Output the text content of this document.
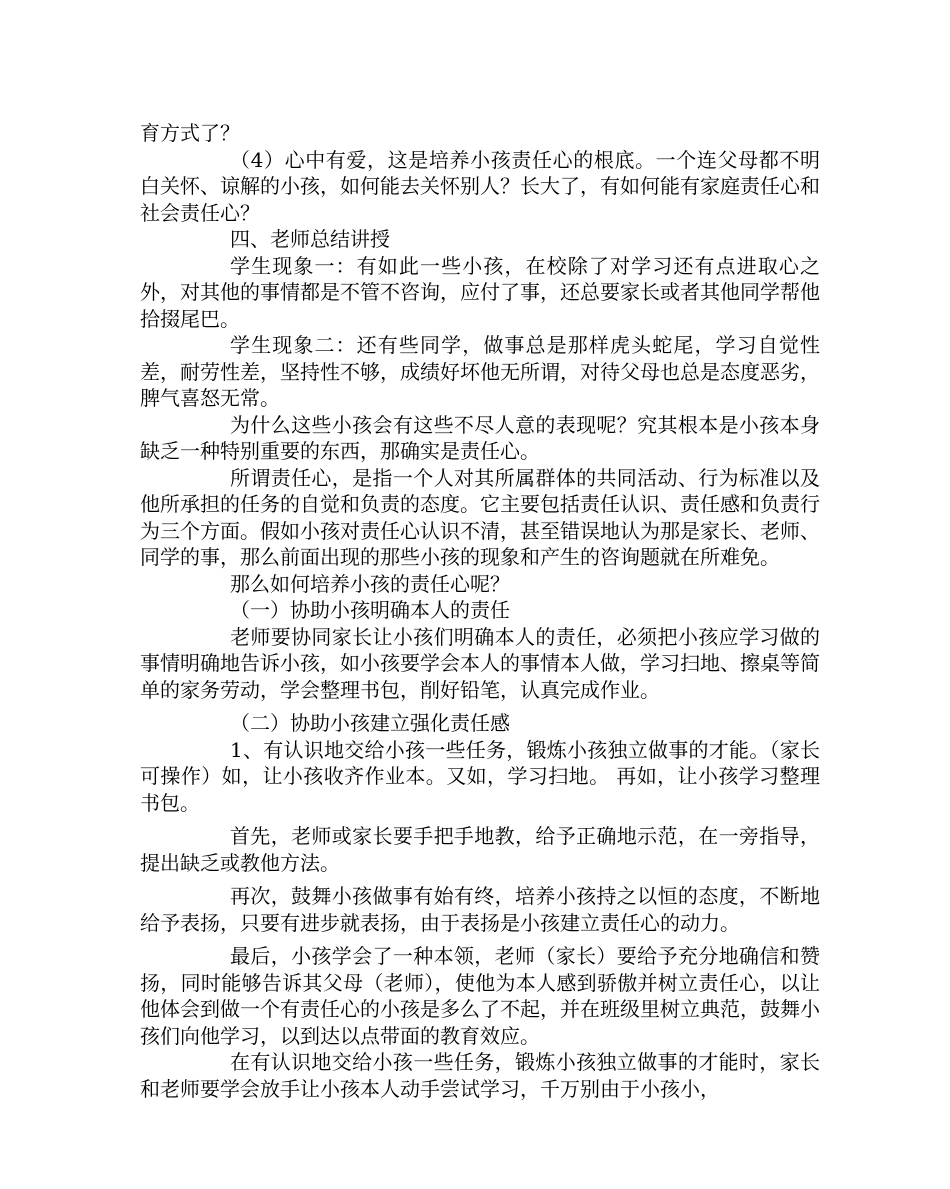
育方式了？

（4）心中有爱，这是培养小孩责任心的根底。一个连父母都不明白关怀、谅解的小孩，如何能去关怀别人？长大了，有如何能有家庭责任心和社会责任心？

四、老师总结讲授

学生现象一：有如此一些小孩，在校除了对学习还有点进取心之外，对其他的事情都是不管不咨询，应付了事，还总要家长或者其他同学帮他拾掇尾巴。

学生现象二：还有些同学，做事总是那样虎头蛇尾，学习自觉性差，耐劳性差，坚持性不够，成绩好坏他无所谓，对待父母也总是态度恶劣，脾气喜怒无常。

为什么这些小孩会有这些不尽人意的表现呢？究其根本是小孩本身缺乏一种特别重要的东西，那确实是责任心。

所谓责任心，是指一个人对其所属群体的共同活动、行为标准以及他所承担的任务的自觉和负责的态度。它主要包括责任认识、责任感和负责行为三个方面。假如小孩对责任心认识不清，甚至错误地认为那是家长、老师、同学的事，那么前面出现的那些小孩的现象和产生的咨询题就在所难免。

那么如何培养小孩的责任心呢？

（一）协助小孩明确本人的责任

老师要协同家长让小孩们明确本人的责任，必须把小孩应学习做的事情明确地告诉小孩，如小孩要学会本人的事情本人做，学习扫地、擦桌等简单的家务劳动，学会整理书包，削好铅笔，认真完成作业。

（二）协助小孩建立强化责任感

1、有认识地交给小孩一些任务，锻炼小孩独立做事的才能。（家长可操作）如，让小孩收齐作业本。又如，学习扫地。 再如，让小孩学习整理书包。

首先，老师或家长要手把手地教，给予正确地示范，在一旁指导，提出缺乏或教他方法。

再次，鼓舞小孩做事有始有终，培养小孩持之以恒的态度，不断地给予表扬，只要有进步就表扬，由于表扬是小孩建立责任心的动力。

最后，小孩学会了一种本领，老师（家长）要给予充分地确信和赞扬，同时能够告诉其父母（老师），使他为本人感到骄傲并树立责任心，以让他体会到做一个有责任心的小孩是多么了不起，并在班级里树立典范，鼓舞小孩们向他学习，以到达以点带面的教育效应。

在有认识地交给小孩一些任务，锻炼小孩独立做事的才能时，家长和老师要学会放手让小孩本人动手尝试学习，千万别由于小孩小，
